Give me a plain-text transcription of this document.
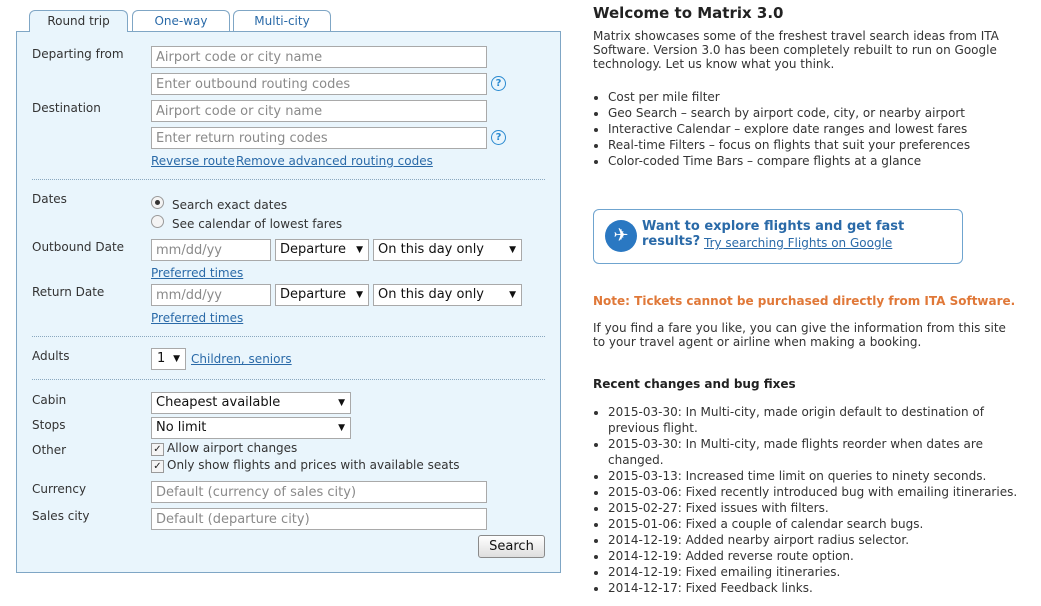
Round trip	One-way	Multi-city
Departing from
Airport code or city name
Enter outbound routing codes
?
Destination
Airport code or city name
Enter return routing codes
?
Reverse route Remove advanced routing codes
Dates	Search exact dates
See calendar of lowest fares
Outbound Date
mm/dd/yy	Departure ▼	On this day only	▼
Preferred times
Return Date
mm/dd/yy	Departure ▼	On this day only	▼
Preferred times
Adults	1 ▼ Children, seniors
Cabin	Cheapest available	▼
Stops	No limit	▼
Other	✓ Allow airport changes
✓ Only show flights and prices with available seats
Currency
Default (currency of sales city)
Sales city
Default (departure city)
Search
Welcome to Matrix 3.0
Matrix showcases some of the freshest travel search ideas from ITA Software. Version 3.0 has been completely rebuilt to run on Google technology. Let us know what you think.
• Cost per mile filter
• Geo Search – search by airport code, city, or nearby airport
• Interactive Calendar – explore date ranges and lowest fares
• Real-time Filters – focus on flights that suit your preferences
• Color-coded Time Bars – compare flights at a glance
✈	Want to explore flights and get fast results? Try searching Flights on Google
Note: Tickets cannot be purchased directly from ITA Software.
If you find a fare you like, you can give the information from this site to your travel agent or airline when making a booking.
Recent changes and bug fixes
• 2015-03-30: In Multi-city, made origin default to destination of previous flight.
• 2015-03-30: In Multi-city, made flights reorder when dates are changed.
• 2015-03-13: Increased time limit on queries to ninety seconds.
• 2015-03-06: Fixed recently introduced bug with emailing itineraries.
• 2015-02-27: Fixed issues with filters.
• 2015-01-06: Fixed a couple of calendar search bugs.
• 2014-12-19: Added nearby airport radius selector.
• 2014-12-19: Added reverse route option.
• 2014-12-19: Fixed emailing itineraries.
• 2014-12-17: Fixed Feedback links.
